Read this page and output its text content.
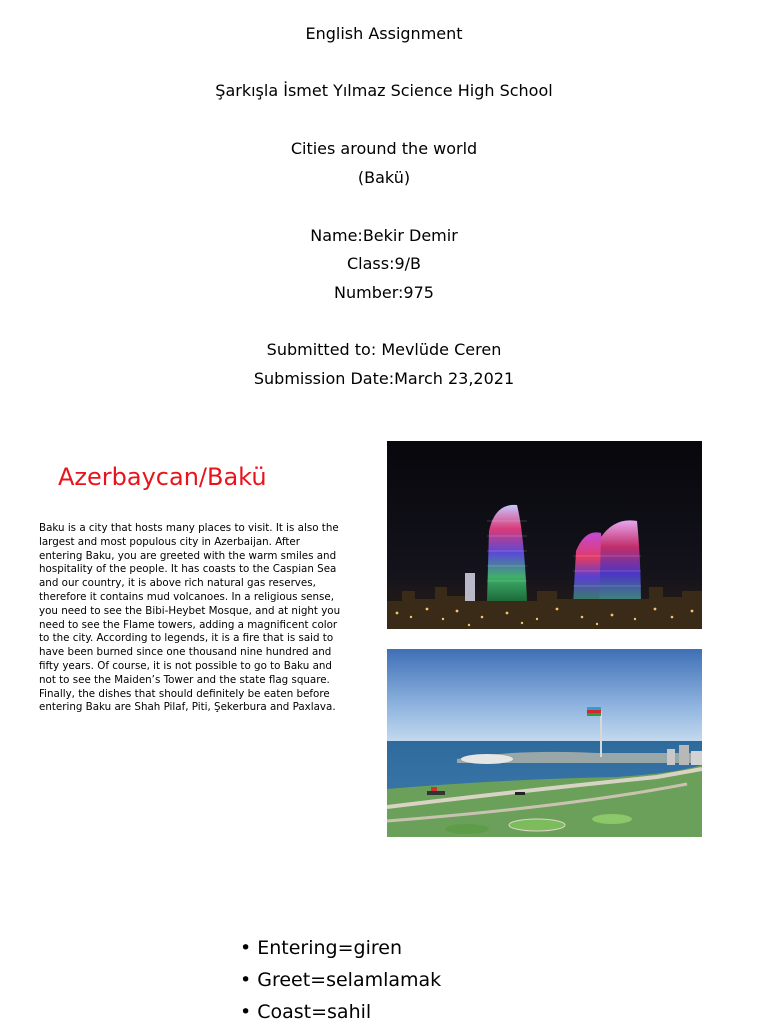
English Assignment
Şarkışla İsmet Yılmaz Science High School
Cities around the world
(Bakü)
Name:Bekir Demir
Class:9/B
Number:975
Submitted to: Mevlüde Ceren
Submission Date:March 23,2021
Azerbaycan/Bakü
Baku is a city that hosts many places to visit. It is also the largest and most populous city in Azerbaijan. After entering Baku, you are greeted with the warm smiles and hospitality of the people. It has coasts to the Caspian Sea and our country, it is above rich natural gas reserves, therefore it contains mud volcanoes. In a religious sense, you need to see the Bibi-Heybet Mosque, and at night you need to see the Flame towers, adding a magnificent color to the city. According to legends, it is a fire that is said to have been burned since one thousand nine hundred and fifty years. Of course, it is not possible to go to Baku and not to see the Maiden’s Tower and the state flag square. Finally, the dishes that should definitely be eaten before entering Baku are Shah Pilaf, Piti, Şekerbura and Paxlava.
• Entering=giren
• Greet=selamlamak
• Coast=sahil
